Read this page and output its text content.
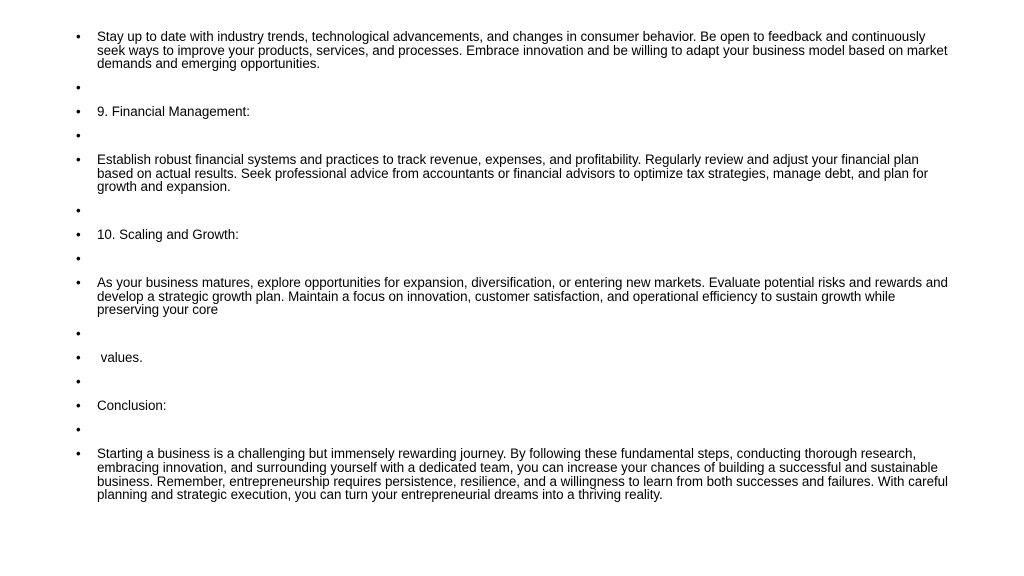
•	Stay up to date with industry trends, technological advancements, and changes in consumer behavior. Be open to feedback and continuously seek ways to improve your products, services, and processes. Embrace innovation and be willing to adapt your business model based on market demands and emerging opportunities.
•
•	9. Financial Management:
•
•	Establish robust financial systems and practices to track revenue, expenses, and profitability. Regularly review and adjust your financial plan based on actual results. Seek professional advice from accountants or financial advisors to optimize tax strategies, manage debt, and plan for growth and expansion.
•
•	10. Scaling and Growth:
•
•	As your business matures, explore opportunities for expansion, diversification, or entering new markets. Evaluate potential risks and rewards and develop a strategic growth plan. Maintain a focus on innovation, customer satisfaction, and operational efficiency to sustain growth while preserving your core
•
•	values.
•
•	Conclusion:
•
•	Starting a business is a challenging but immensely rewarding journey. By following these fundamental steps, conducting thorough research, embracing innovation, and surrounding yourself with a dedicated team, you can increase your chances of building a successful and sustainable business. Remember, entrepreneurship requires persistence, resilience, and a willingness to learn from both successes and failures. With careful planning and strategic execution, you can turn your entrepreneurial dreams into a thriving reality.
